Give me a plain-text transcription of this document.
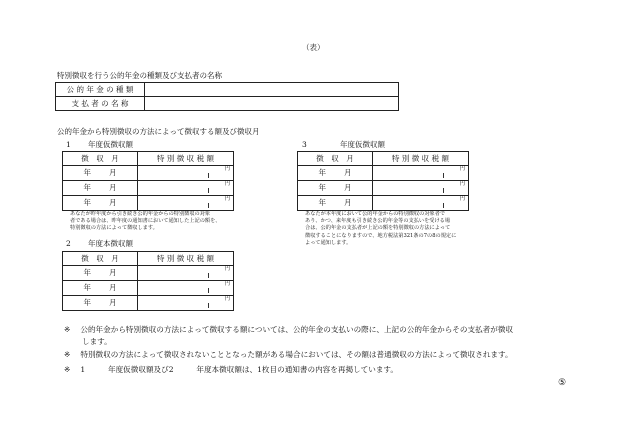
（表）
特別徴収を行う公的年金の種類及び支払者の名称
公 的 年 金 の 種 類	
支 払 者 の 名 称	
公的年金から特別徴収の方法によって徴収する額及び徴収月
1 年度仮徴収額
徴　収　月	特 別 徴 収 税 額

年 月	円

年 月	円

年 月	円
あなたが昨年度から引き続き公的年金からの特別徴収の対象
者である場合は、昨年度の通知書において通知した上記の額を、
特別徴収の方法によって徴収します。
2 年度本徴収額
徴　収　月	特 別 徴 収 税 額

年 月	円

年 月	円

年 月	円
3	年度仮徴収額
徴　収　月	特 別 徴 収 税 額

年 月	円

年 月	円

年 月	円
あなたが本年度において公的年金からの特別徴収の対象者で
あり、かつ、来年度も引き続き公的年金等の支払いを受ける場
合は、公的年金の支払者が上記の額を特別徴収の方法によって
徴収することになりますので、地方税法第321条の7の8の規定に
よって通知します。
※ 公的年金から特別徴収の方法によって徴収する額については、公的年金の支払いの際に、上記の公的年金からその支払者が徴収
します。
※ 特別徴収の方法によって徴収されないこととなった額がある場合においては、その額は普通徴収の方法によって徴収されます。
※ 1　　　年度仮徴収額及び2　　　年度本徴収額は、1枚目の通知書の内容を再掲しています。
⑤
